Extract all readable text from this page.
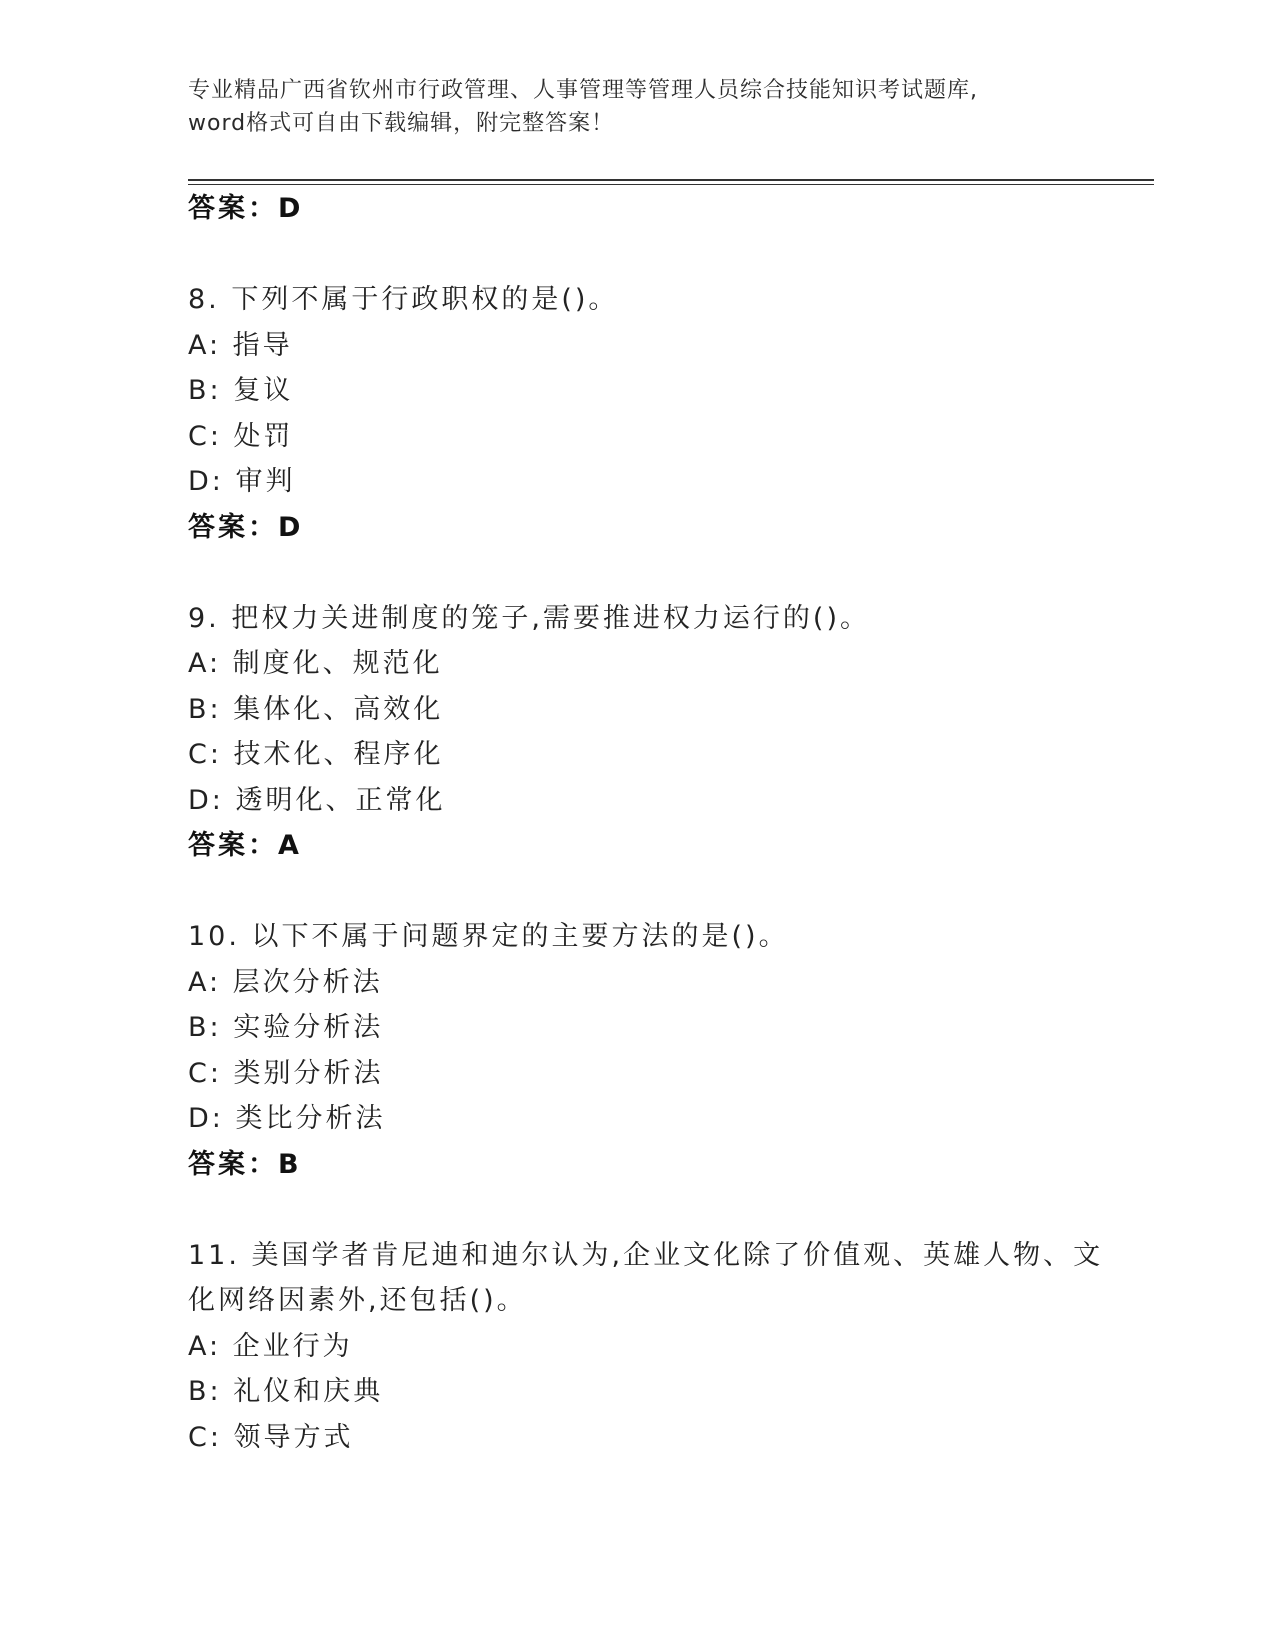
专业精品广西省钦州市行政管理、人事管理等管理人员综合技能知识考试题库,
word格式可自由下载编辑，附完整答案！
答案：D
8. 下列不属于行政职权的是()。
A: 指导
B: 复议
C: 处罚
D: 审判
答案：D
9. 把权力关进制度的笼子,需要推进权力运行的()。
A: 制度化、规范化
B: 集体化、高效化
C: 技术化、程序化
D: 透明化、正常化
答案：A
10. 以下不属于问题界定的主要方法的是()。
A: 层次分析法
B: 实验分析法
C: 类别分析法
D: 类比分析法
答案：B
11. 美国学者肯尼迪和迪尔认为,企业文化除了价值观、英雄人物、文
化网络因素外,还包括()。
A: 企业行为
B: 礼仪和庆典
C: 领导方式
